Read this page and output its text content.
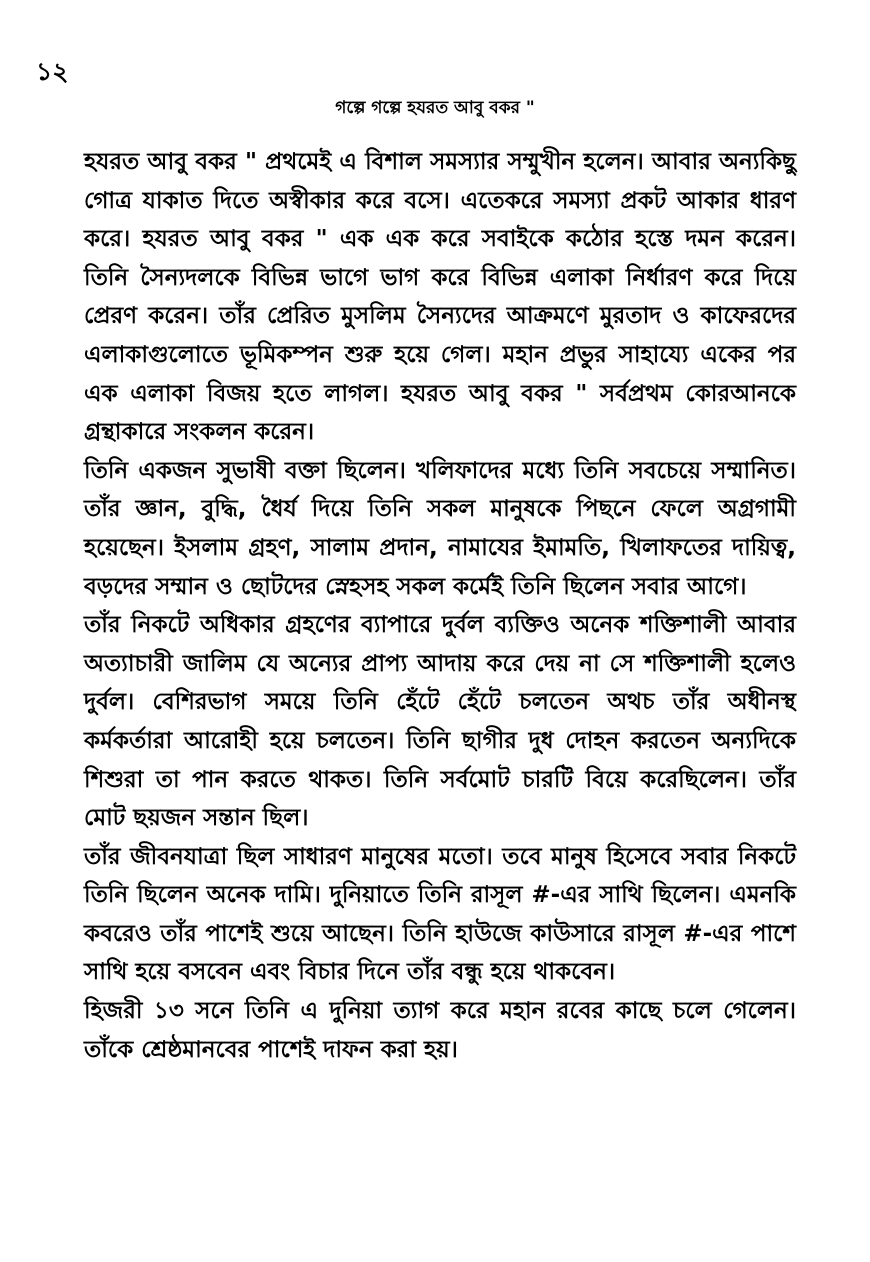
১২
গল্পে গল্পে হযরত আবু বকর "

হযরত আবু বকর " প্রথমেই এ বিশাল সমস্যার সম্মুখীন হলেন। আবার অন্যকিছু গোত্র যাকাত দিতে অস্বীকার করে বসে। এতেকরে সমস্যা প্রকট আকার ধারণ করে। হযরত আবু বকর " এক এক করে সবাইকে কঠোর হস্তে দমন করেন। তিনি সৈন্যদলকে বিভিন্ন ভাগে ভাগ করে বিভিন্ন এলাকা নির্ধারণ করে দিয়ে প্রেরণ করেন। তাঁর প্রেরিত মুসলিম সৈন্যদের আক্রমণে মুরতাদ ও কাফেরদের এলাকাগুলোতে ভূমিকম্পন শুরু হয়ে গেল। মহান প্রভুর সাহায্যে একের পর এক এলাকা বিজয় হতে লাগল। হযরত আবু বকর " সর্বপ্রথম কোরআনকে গ্রন্থাকারে সংকলন করেন।

তিনি একজন সুভাষী বক্তা ছিলেন। খলিফাদের মধ্যে তিনি সবচেয়ে সম্মানিত। তাঁর জ্ঞান, বুদ্ধি, ধৈর্য দিয়ে তিনি সকল মানুষকে পিছনে ফেলে অগ্রগামী হয়েছেন। ইসলাম গ্রহণ, সালাম প্রদান, নামাযের ইমামতি, খিলাফতের দায়িত্ব, বড়দের সম্মান ও ছোটদের স্নেহসহ সকল কর্মেই তিনি ছিলেন সবার আগে।

তাঁর নিকটে অধিকার গ্রহণের ব্যাপারে দুর্বল ব্যক্তিও অনেক শক্তিশালী আবার অত্যাচারী জালিম যে অন্যের প্রাপ্য আদায় করে দেয় না সে শক্তিশালী হলেও দুর্বল। বেশিরভাগ সময়ে তিনি হেঁটে হেঁটে চলতেন অথচ তাঁর অধীনস্থ কর্মকর্তারা আরোহী হয়ে চলতেন। তিনি ছাগীর দুধ দোহন করতেন অন্যদিকে শিশুরা তা পান করতে থাকত। তিনি সর্বমোট চারটি বিয়ে করেছিলেন। তাঁর মোট ছয়জন সন্তান ছিল।

তাঁর জীবনযাত্রা ছিল সাধারণ মানুষের মতো। তবে মানুষ হিসেবে সবার নিকটে তিনি ছিলেন অনেক দামি। দুনিয়াতে তিনি রাসূল #-এর সাথি ছিলেন। এমনকি কবরেও তাঁর পাশেই শুয়ে আছেন। তিনি হাউজে কাউসারে রাসূল #-এর পাশে সাথি হয়ে বসবেন এবং বিচার দিনে তাঁর বন্ধু হয়ে থাকবেন।

হিজরী ১৩ সনে তিনি এ দুনিয়া ত্যাগ করে মহান রবের কাছে চলে গেলেন। তাঁকে শ্রেষ্ঠমানবের পাশেই দাফন করা হয়।
